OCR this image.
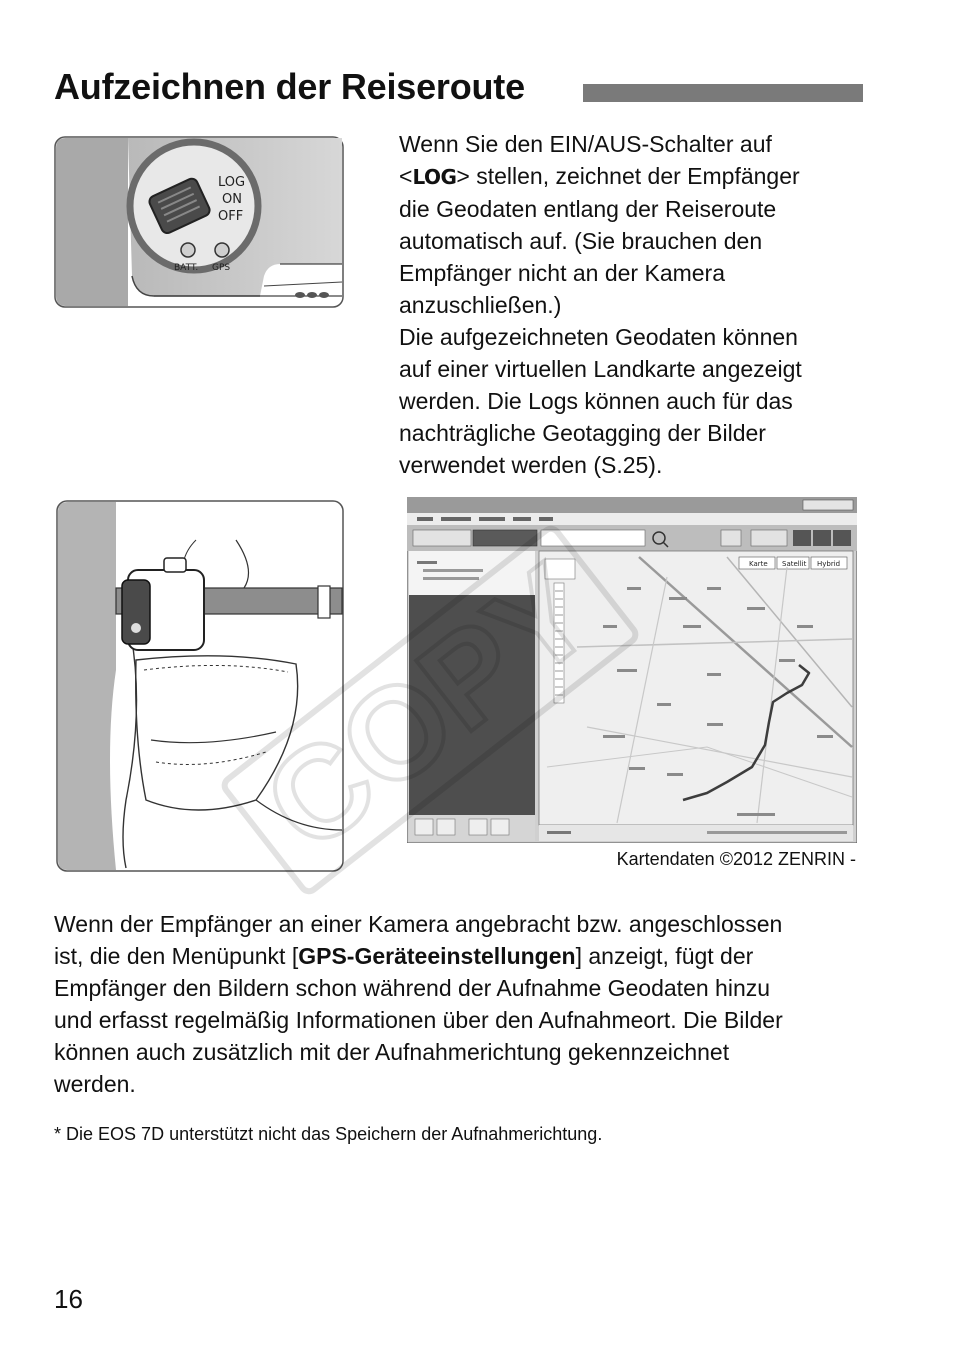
Aufzeichnen der Reiseroute
LOG
ON
OFF
BATT. GPS
Wenn Sie den EIN/AUS-Schalter auf
<LOG> stellen, zeichnet der Empfänger
die Geodaten entlang der Reiseroute
automatisch auf. (Sie brauchen den
Empfänger nicht an der Kamera
anzuschließen.)
Die aufgezeichneten Geodaten können
auf einer virtuellen Landkarte angezeigt
werden. Die Logs können auch für das
nachträgliche Geotagging der Bilder
verwendet werden (S.25).
Karte Satellit Hybrid
Kartendaten ©2012 ZENRIN -
Wenn der Empfänger an einer Kamera angebracht bzw. angeschlossen
ist, die den Menüpunkt [GPS-Geräteeinstellungen] anzeigt, fügt der
Empfänger den Bildern schon während der Aufnahme Geodaten hinzu
und erfasst regelmäßig Informationen über den Aufnahmeort. Die Bilder
können auch zusätzlich mit der Aufnahmerichtung gekennzeichnet
werden.
* Die EOS 7D unterstützt nicht das Speichern der Aufnahmerichtung.
16
